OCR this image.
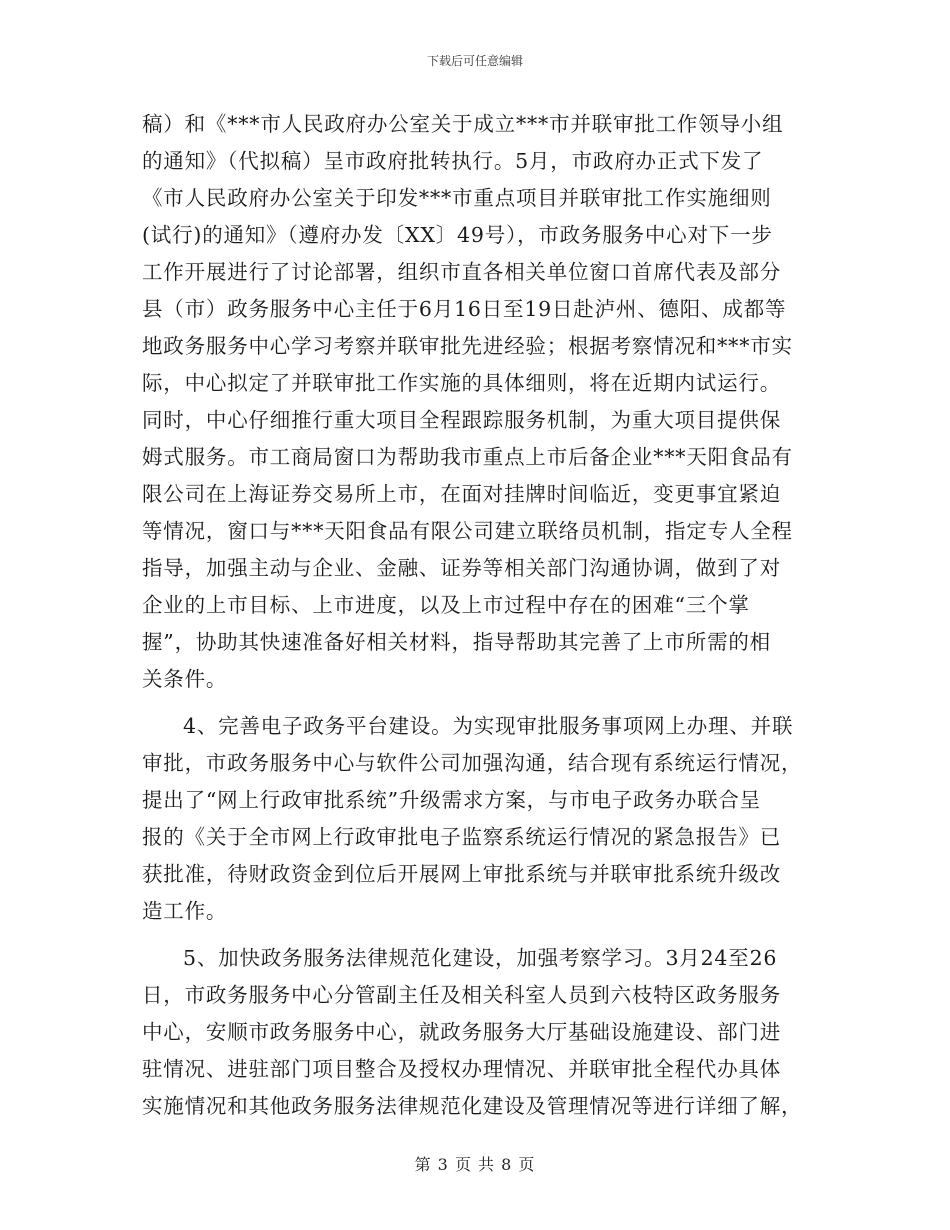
下载后可任意编辑
稿）和《***市人民政府办公室关于成立***市并联审批工作领导小组
的通知》（代拟稿）呈市政府批转执行。5月，市政府办正式下发了
《市人民政府办公室关于印发***市重点项目并联审批工作实施细则
(试行)的通知》（遵府办发〔XX〕49号），市政务服务中心对下一步
工作开展进行了讨论部署，组织市直各相关单位窗口首席代表及部分
县（市）政务服务中心主任于6月16日至19日赴泸州、德阳、成都等
地政务服务中心学习考察并联审批先进经验；根据考察情况和***市实
际，中心拟定了并联审批工作实施的具体细则，将在近期内试运行。
同时，中心仔细推行重大项目全程跟踪服务机制，为重大项目提供保
姆式服务。市工商局窗口为帮助我市重点上市后备企业***天阳食品有
限公司在上海证券交易所上市，在面对挂牌时间临近，变更事宜紧迫
等情况，窗口与***天阳食品有限公司建立联络员机制，指定专人全程
指导，加强主动与企业、金融、证券等相关部门沟通协调，做到了对
企业的上市目标、上市进度，以及上市过程中存在的困难“三个掌
握”，协助其快速准备好相关材料，指导帮助其完善了上市所需的相
关条件。
4、完善电子政务平台建设。为实现审批服务事项网上办理、并联
审批，市政务服务中心与软件公司加强沟通，结合现有系统运行情况，
提出了“网上行政审批系统”升级需求方案，与市电子政务办联合呈
报的《关于全市网上行政审批电子监察系统运行情况的紧急报告》已
获批准，待财政资金到位后开展网上审批系统与并联审批系统升级改
造工作。
5、加快政务服务法律规范化建设，加强考察学习。3月24至26
日，市政务服务中心分管副主任及相关科室人员到六枝特区政务服务
中心，安顺市政务服务中心，就政务服务大厅基础设施建设、部门进
驻情况、进驻部门项目整合及授权办理情况、并联审批全程代办具体
实施情况和其他政务服务法律规范化建设及管理情况等进行详细了解，
第 3 页 共 8 页
